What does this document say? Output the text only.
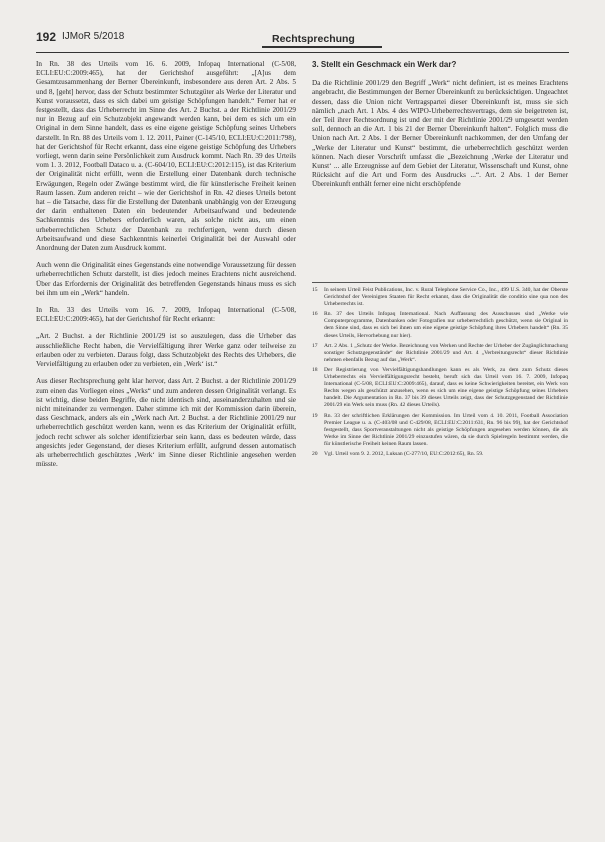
192 IJMoR 5/2018	Rechtsprechung

In Rn. 38 des Urteils vom 16. 6. 2009, Infopaq International (C-5/08, ECLI:EU:C:2009:465), hat der Gerichtshof ausgeführt: „[A]us dem Gesamtzusammenhang der Berner Übereinkunft, insbesondere aus deren Art. 2 Abs. 5 und 8, [geht] hervor, dass der Schutz bestimmter Schutzgüter als Werke der Literatur und Kunst voraussetzt, dass es sich dabei um geistige Schöpfungen handelt.“ Ferner hat er festgestellt, dass das Urheberrecht im Sinne des Art. 2 Buchst. a der Richtlinie 2001/29 nur in Bezug auf ein Schutzobjekt angewandt werden kann, bei dem es sich um ein Original in dem Sinne handelt, dass es eine eigene geistige Schöpfung seines Urhebers darstellt. In Rn. 88 des Urteils vom 1. 12. 2011, Painer (C-145/10, ECLI:EU:C:2011:798), hat der Gerichtshof für Recht erkannt, dass eine eigene geistige Schöpfung des Urhebers vorliegt, wenn darin seine Persönlichkeit zum Ausdruck kommt. Nach Rn. 39 des Urteils vom 1. 3. 2012, Football Dataco u. a. (C-604/10, ECLI:EU:C:2012:115), ist das Kriterium der Originalität nicht erfüllt, wenn die Erstellung einer Datenbank durch technische Erwägungen, Regeln oder Zwänge bestimmt wird, die für künstlerische Freiheit keinen Raum lassen. Zum anderen reicht – wie der Gerichtshof in Rn. 42 dieses Urteils betont hat – die Tatsache, dass für die Erstellung der Datenbank unabhängig von der Erzeugung der darin enthaltenen Daten ein bedeutender Arbeitsaufwand und bedeutende Sachkenntnis des Urhebers erforderlich waren, als solche nicht aus, um einen urheberrechtlichen Schutz der Datenbank zu rechtfertigen, wenn durch diesen Arbeitsaufwand und diese Sachkenntnis keinerlei Originalität bei der Auswahl oder Anordnung der Daten zum Ausdruck kommt.

Auch wenn die Originalität eines Gegenstands eine notwendige Voraussetzung für dessen urheberrechtlichen Schutz darstellt, ist dies jedoch meines Erachtens nicht ausreichend. Über das Erfordernis der Originalität des betreffenden Gegenstands hinaus muss es sich bei ihm um ein „Werk“ handeln.

In Rn. 33 des Urteils vom 16. 7. 2009, Infopaq International (C-5/08, ECLI:EU:C:2009:465), hat der Gerichtshof für Recht erkannt:

„Art. 2 Buchst. a der Richtlinie 2001/29 ist so auszulegen, dass die Urheber das ausschließliche Recht haben, die Vervielfältigung ihrer Werke ganz oder teilweise zu erlauben oder zu verbieten. Daraus folgt, dass Schutzobjekt des Rechts des Urhebers, die Vervielfältigung zu erlauben oder zu verbieten, ein ‚Werk‘ ist.“

Aus dieser Rechtsprechung geht klar hervor, dass Art. 2 Buchst. a der Richtlinie 2001/29 zum einen das Vorliegen eines „Werks“ und zum anderen dessen Originalität verlangt. Es ist wichtig, diese beiden Begriffe, die nicht identisch sind, auseinanderzuhalten und sie nicht miteinander zu vermengen. Daher stimme ich mit der Kommission darin überein, dass Geschmack, anders als ein „Werk nach Art. 2 Buchst. a der Richtlinie 2001/29 nur urheberrechtlich geschützt werden kann, wenn es das Kriterium der Originalität erfüllt, jedoch recht schwer als solcher identifizierbar sein kann, dass es bedeuten würde, dass angesichts jeder Gegenstand, der dieses Kriterium erfüllt, aufgrund dessen automatisch als urheberrechtlich geschütztes ‚Werk‘ im Sinne dieser Richtlinie angesehen werden müsste.

3. Stellt ein Geschmack ein Werk dar?

Da die Richtlinie 2001/29 den Begriff „Werk“ nicht definiert, ist es meines Erachtens angebracht, die Bestimmungen der Berner Übereinkunft zu berücksichtigen. Ungeachtet dessen, dass die Union nicht Vertragspartei dieser Übereinkunft ist, muss sie sich nämlich „nach Art. 1 Abs. 4 des WIPO-Urheberrechtsvertrags, dem sie beigetreten ist, der Teil ihrer Rechtsordnung ist und der mit der Richtlinie 2001/29 umgesetzt werden soll, dennoch an die Art. 1 bis 21 der Berner Übereinkunft halten“. Folglich muss die Union nach Art. 2 Abs. 1 der Berner Übereinkunft nachkommen, der den Umfang der „Werke der Literatur und Kunst“ bestimmt, die urheberrechtlich geschützt werden können. Nach dieser Vorschrift umfasst die „Bezeichnung ‚Werke der Literatur und Kunst‘ ... alle Erzeugnisse auf dem Gebiet der Literatur, Wissenschaft und Kunst, ohne Rücksicht auf die Art und Form des Ausdrucks ...“. Art. 2 Abs. 1 der Berner Übereinkunft enthält ferner eine nicht erschöpfende

15	In seinem Urteil Feist Publications, Inc. v. Rural Telephone Service Co., Inc., 499 U.S. 340, hat der Oberste Gerichtshof der Vereinigten Staaten für Recht erkannt, dass die Originalität die conditio sine qua non des Urheberrechts ist.
16	Rn. 37 des Urteils Infopaq International. Nach Auffassung des Ausschusses sind „Werke wie Computerprogramme, Datenbanken oder Fotografien nur urheberrechtlich geschützt, wenn sie Original in dem Sinne sind, dass es sich bei ihnen um eine eigene geistige Schöpfung ihres Urhebers handelt“ (Rn. 35 dieses Urteils, Hervorhebung nur hier).
17	Art. 2 Abs. 1 „Schutz der Werke. Bezeichnung von Werken und Rechte der Urheber der Zugänglichmachung sonstiger Schutzgegenstände“ der Richtlinie 2001/29 und Art. 4 „Verbreitungsrecht“ dieser Richtlinie nehmen ebenfalls Bezug auf das „Werk“.
18	Der Registrierung von Vervielfältigungshandlungen kann es als Werk, zu dem zum Schutz dieses Urheberrechts ein Vervielfältigungsrecht besteht, beruft sich das Urteil vom 16. 7. 2009, Infopaq International (C-5/08, ECLI:EU:C:2009:465), darauf, dass es keine Schwierigkeiten bereitet, ein Werk von Rechts wegen als geschützt anzusehen, wenn es sich um eine eigene geistige Schöpfung seines Urhebers handelt. Die Argumentation in Rn. 37 bis 39 dieses Urteils zeigt, dass der Schutzgegenstand der Richtlinie 2001/29 ein Werk sein muss (Rn. 42 dieses Urteils).
19	Rn. 33 der schriftlichen Erklärungen der Kommission. Im Urteil vom 4. 10. 2011, Football Association Premier League u. a. (C-403/08 und C-429/08, ECLI:EU:C:2011:631, Rn. 96 bis 99), hat der Gerichtshof festgestellt, dass Sportveranstaltungen nicht als geistige Schöpfungen angesehen werden können, die als Werke im Sinne der Richtlinie 2001/29 einzustufen wären, da sie durch Spielregeln bestimmt werden, die für künstlerische Freiheit keinen Raum lassen.
20	Vgl. Urteil vom 9. 2. 2012, Luksan (C-277/10, EU:C:2012:65), Rn. 59.
